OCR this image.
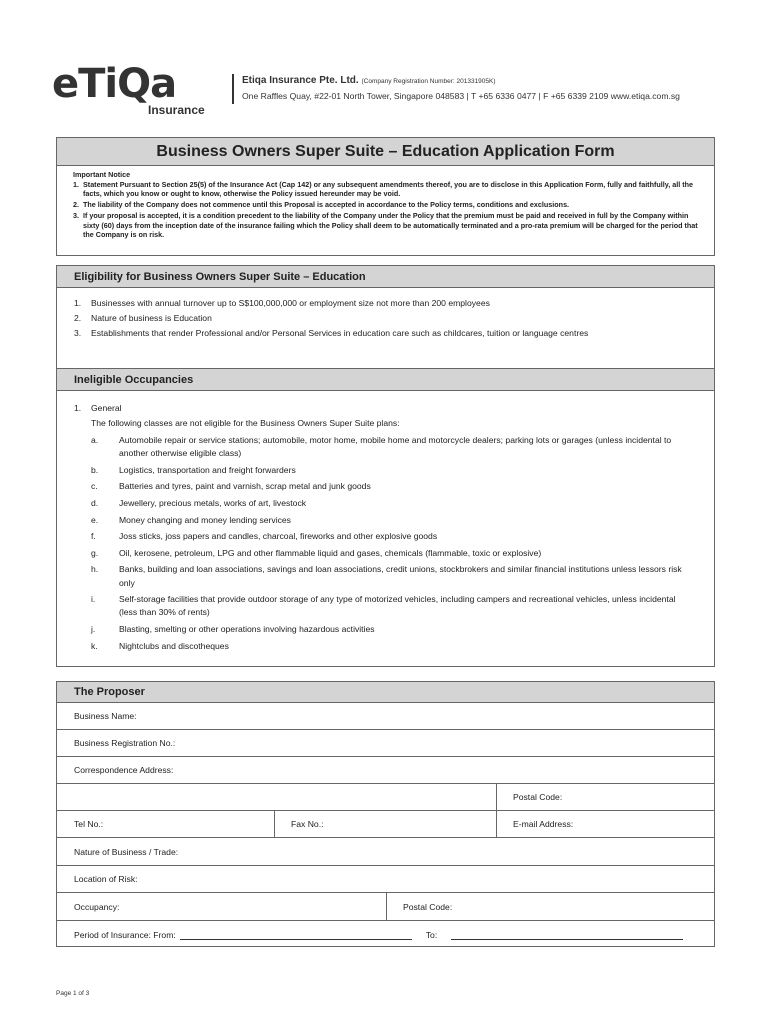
eTiQa
Insurance
Etiqa Insurance Pte. Ltd. (Company Registration Number: 201331905K)
One Raffles Quay, #22-01 North Tower, Singapore 048583 | T +65 6336 0477 | F +65 6339 2109 www.etiqa.com.sg
Business Owners Super Suite – Education Application Form
Important Notice
1. Statement Pursuant to Section 25(5) of the Insurance Act (Cap 142) or any subsequent amendments thereof, you are to disclose in this Application Form, fully and faithfully, all the facts, which you know or ought to know, otherwise the Policy issued hereunder may be void.
2. The liability of the Company does not commence until this Proposal is accepted in accordance to the Policy terms, conditions and exclusions.
3. If your proposal is accepted, it is a condition precedent to the liability of the Company under the Policy that the premium must be paid and received in full by the Company within sixty (60) days from the inception date of the insurance failing which the Policy shall deem to be automatically terminated and a pro-rata premium will be charged for the period that the Company is on risk.
Eligibility for Business Owners Super Suite – Education
1.	Businesses with annual turnover up to S$100,000,000 or employment size not more than 200 employees
2.	Nature of business is Education
3.	Establishments that render Professional and/or Personal Services in education care such as childcares, tuition or language centres
Ineligible Occupancies
1.	General
The following classes are not eligible for the Business Owners Super Suite plans:
a.	Automobile repair or service stations; automobile, motor home, mobile home and motorcycle dealers; parking lots or garages (unless incidental to another otherwise eligible class)
b.	Logistics, transportation and freight forwarders
c.	Batteries and tyres, paint and varnish, scrap metal and junk goods
d.	Jewellery, precious metals, works of art, livestock
e.	Money changing and money lending services
f.	Joss sticks, joss papers and candles, charcoal, fireworks and other explosive goods
g.	Oil, kerosene, petroleum, LPG and other flammable liquid and gases, chemicals (flammable, toxic or explosive)
h.	Banks, building and loan associations, savings and loan associations, credit unions, stockbrokers and similar financial institutions unless lessors risk only
i.	Self-storage facilities that provide outdoor storage of any type of motorized vehicles, including campers and recreational vehicles, unless incidental (less than 30% of rents)
j.	Blasting, smelting or other operations involving hazardous activities
k.	Nightclubs and discotheques
The Proposer
Business Name:
Business Registration No.:
Correspondence Address:
Postal Code:
Tel No.:	Fax No.:	E-mail Address:
Nature of Business / Trade:
Location of Risk:
Occupancy:	Postal Code:
Period of Insurance: From:	To:
Page 1 of 3
